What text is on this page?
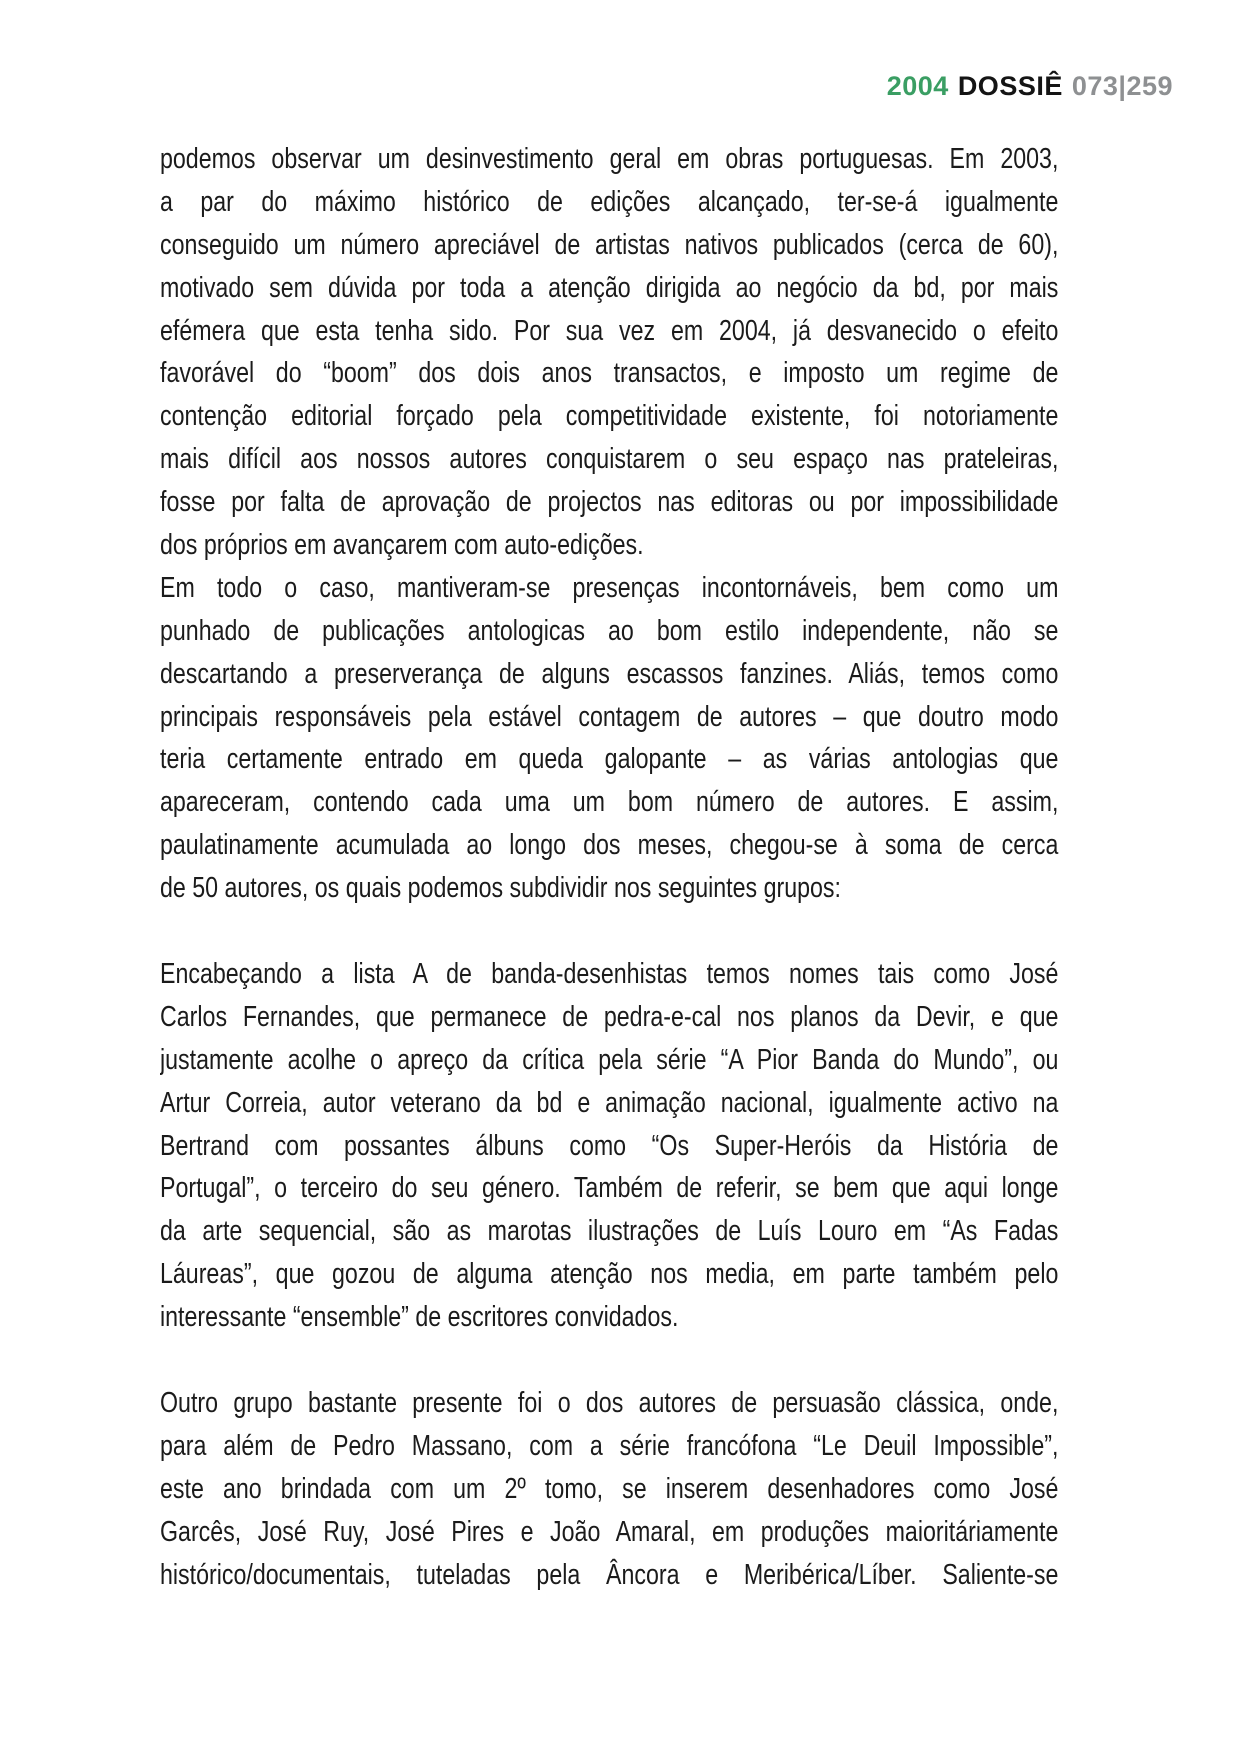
2004 DOSSIÊ 073|259
podemos observar um desinvestimento geral em obras portuguesas. Em 2003,
a par do máximo histórico de edições alcançado, ter-se-á igualmente
conseguido um número apreciável de artistas nativos publicados (cerca de 60),
motivado sem dúvida por toda a atenção dirigida ao negócio da bd, por mais
efémera que esta tenha sido. Por sua vez em 2004, já desvanecido o efeito
favorável do “boom” dos dois anos transactos, e imposto um regime de
contenção editorial forçado pela competitividade existente, foi notoriamente
mais difícil aos nossos autores conquistarem o seu espaço nas prateleiras,
fosse por falta de aprovação de projectos nas editoras ou por impossibilidade
dos próprios em avançarem com auto-edições.
Em todo o caso, mantiveram-se presenças incontornáveis, bem como um
punhado de publicações antologicas ao bom estilo independente, não se
descartando a preserverança de alguns escassos fanzines. Aliás, temos como
principais responsáveis pela estável contagem de autores – que doutro modo
teria certamente entrado em queda galopante – as várias antologias que
apareceram, contendo cada uma um bom número de autores. E assim,
paulatinamente acumulada ao longo dos meses, chegou-se à soma de cerca
de 50 autores, os quais podemos subdividir nos seguintes grupos:
Encabeçando a lista A de banda-desenhistas temos nomes tais como José
Carlos Fernandes, que permanece de pedra-e-cal nos planos da Devir, e que
justamente acolhe o apreço da crítica pela série “A Pior Banda do Mundo”, ou
Artur Correia, autor veterano da bd e animação nacional, igualmente activo na
Bertrand com possantes álbuns como “Os Super-Heróis da História de
Portugal”, o terceiro do seu género. Também de referir, se bem que aqui longe
da arte sequencial, são as marotas ilustrações de Luís Louro em “As Fadas
Láureas”, que gozou de alguma atenção nos media, em parte também pelo
interessante “ensemble” de escritores convidados.
Outro grupo bastante presente foi o dos autores de persuasão clássica, onde,
para além de Pedro Massano, com a série francófona “Le Deuil Impossible”,
este ano brindada com um 2º tomo, se inserem desenhadores como José
Garcês, José Ruy, José Pires e João Amaral, em produções maioritáriamente
histórico/documentais, tuteladas pela Âncora e Meribérica/Líber. Saliente-se
